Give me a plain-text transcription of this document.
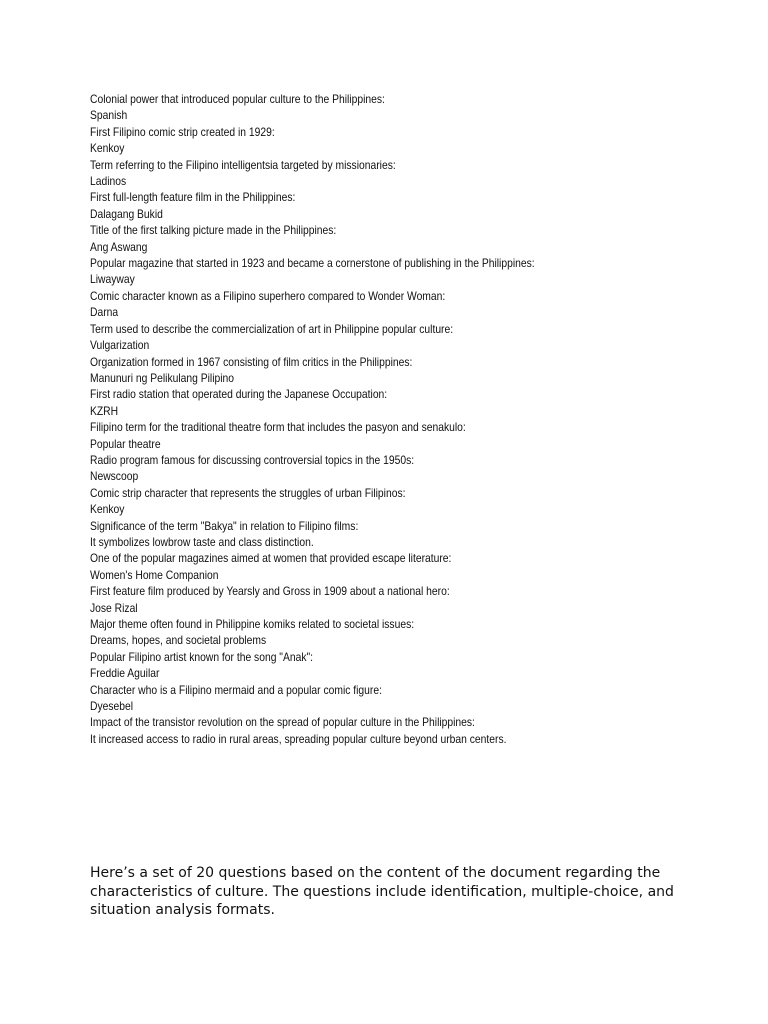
Colonial power that introduced popular culture to the Philippines:
Spanish
First Filipino comic strip created in 1929:
Kenkoy
Term referring to the Filipino intelligentsia targeted by missionaries:
Ladinos
First full-length feature film in the Philippines:
Dalagang Bukid
Title of the first talking picture made in the Philippines:
Ang Aswang
Popular magazine that started in 1923 and became a cornerstone of publishing in the Philippines:
Liwayway
Comic character known as a Filipino superhero compared to Wonder Woman:
Darna
Term used to describe the commercialization of art in Philippine popular culture:
Vulgarization
Organization formed in 1967 consisting of film critics in the Philippines:
Manunuri ng Pelikulang Pilipino
First radio station that operated during the Japanese Occupation:
KZRH
Filipino term for the traditional theatre form that includes the pasyon and senakulo:
Popular theatre
Radio program famous for discussing controversial topics in the 1950s:
Newscoop
Comic strip character that represents the struggles of urban Filipinos:
Kenkoy
Significance of the term "Bakya" in relation to Filipino films:
It symbolizes lowbrow taste and class distinction.
One of the popular magazines aimed at women that provided escape literature:
Women's Home Companion
First feature film produced by Yearsly and Gross in 1909 about a national hero:
Jose Rizal
Major theme often found in Philippine komiks related to societal issues:
Dreams, hopes, and societal problems
Popular Filipino artist known for the song "Anak":
Freddie Aguilar
Character who is a Filipino mermaid and a popular comic figure:
Dyesebel
Impact of the transistor revolution on the spread of popular culture in the Philippines:
It increased access to radio in rural areas, spreading popular culture beyond urban centers.

Here’s a set of 20 questions based on the content of the document regarding the characteristics of culture. The questions include identification, multiple-choice, and situation analysis formats.
